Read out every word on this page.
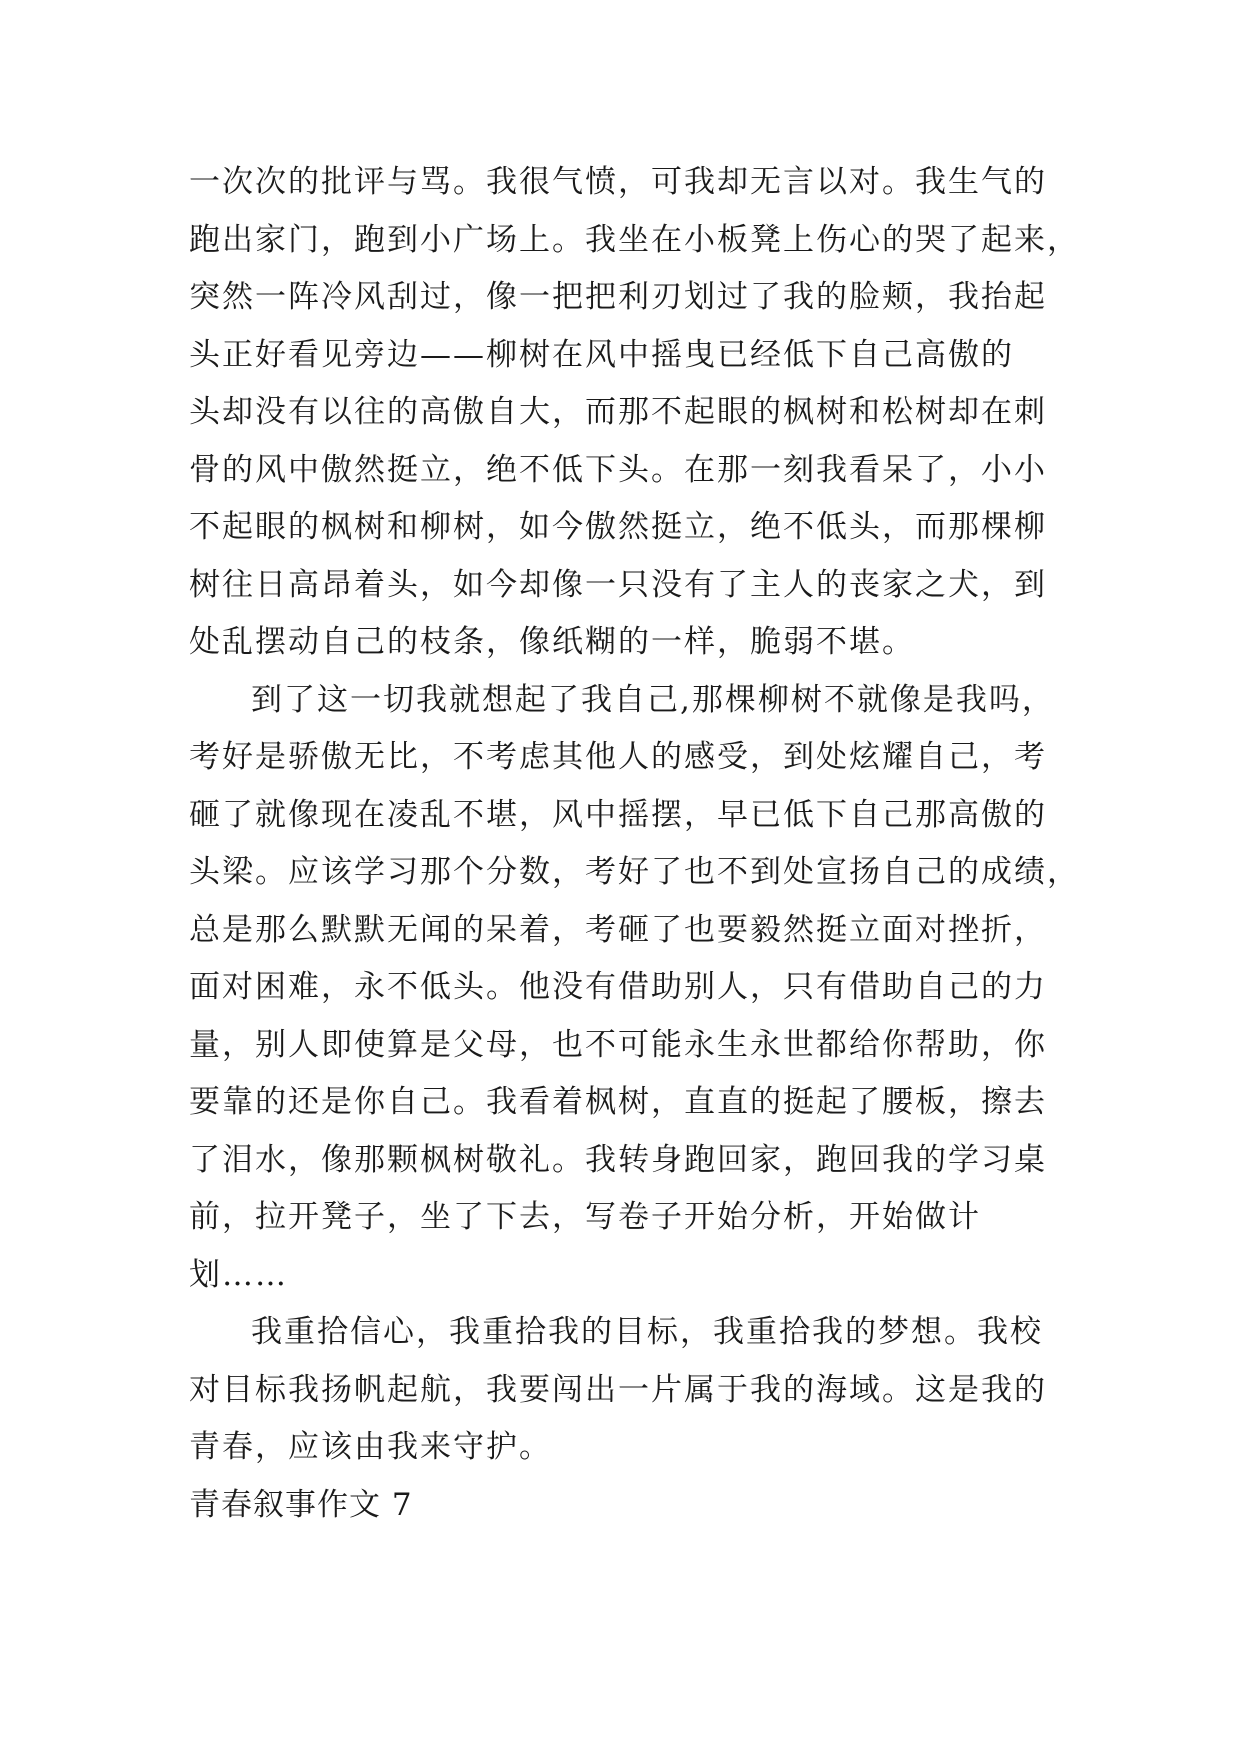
一次次的批评与骂。我很气愤，可我却无言以对。我生气的
跑出家门，跑到小广场上。我坐在小板凳上伤心的哭了起来，
突然一阵冷风刮过，像一把把利刃划过了我的脸颊，我抬起
头正好看见旁边——柳树在风中摇曳已经低下自己高傲的
头却没有以往的高傲自大，而那不起眼的枫树和松树却在刺
骨的风中傲然挺立，绝不低下头。在那一刻我看呆了，小小
不起眼的枫树和柳树，如今傲然挺立，绝不低头，而那棵柳
树往日高昂着头，如今却像一只没有了主人的丧家之犬，到
处乱摆动自己的枝条，像纸糊的一样，脆弱不堪。
到了这一切我就想起了我自己,那棵柳树不就像是我吗，
考好是骄傲无比，不考虑其他人的感受，到处炫耀自己，考
砸了就像现在凌乱不堪，风中摇摆，早已低下自己那高傲的
头梁。应该学习那个分数，考好了也不到处宣扬自己的成绩，
总是那么默默无闻的呆着，考砸了也要毅然挺立面对挫折，
面对困难，永不低头。他没有借助别人，只有借助自己的力
量，别人即使算是父母，也不可能永生永世都给你帮助，你
要靠的还是你自己。我看着枫树，直直的挺起了腰板，擦去
了泪水，像那颗枫树敬礼。我转身跑回家，跑回我的学习桌
前，拉开凳子，坐了下去，写卷子开始分析，开始做计
划……
我重拾信心，我重拾我的目标，我重拾我的梦想。我校
对目标我扬帆起航，我要闯出一片属于我的海域。这是我的
青春，应该由我来守护。
青春叙事作文 7
